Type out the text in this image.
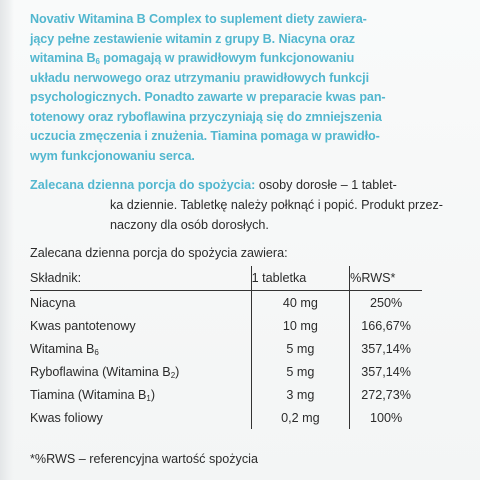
Novativ Witamina B Complex to suplement diety zawiera-
jący pełne zestawienie witamin z grupy B. Niacyna oraz
witamina $B_6$ pomagają w prawidłowym funkcjonowaniu
układu nerwowego oraz utrzymaniu prawidłowych funkcji
psychologicznych. Ponadto zawarte w preparacie kwas pan-
totenowy oraz ryboflawina przyczyniają się do zmniejszenia
uczucia zmęczenia i znużenia. Tiamina pomaga w prawidło-
wym funkcjonowaniu serca.

Zalecana dzienna porcja do spożycia: osoby dorosłe – 1 tablet-
ka dziennie. Tabletkę należy połknąć i popić. Produkt przez-
naczony dla osób dorosłych.

Zalecana dzienna porcja do spożycia zawiera:

Składnik:	1 tabletka	%RWS*
Niacyna	40 mg	250%
Kwas pantotenowy	10 mg	166,67%
Witamina $B_6$	5 mg	357,14%
Ryboflawina (Witamina $B_2$)	5 mg	357,14%
Tiamina (Witamina $B_1$)	3 mg	272,73%
Kwas foliowy	0,2 mg	100%

*%RWS – referencyjna wartość spożycia
